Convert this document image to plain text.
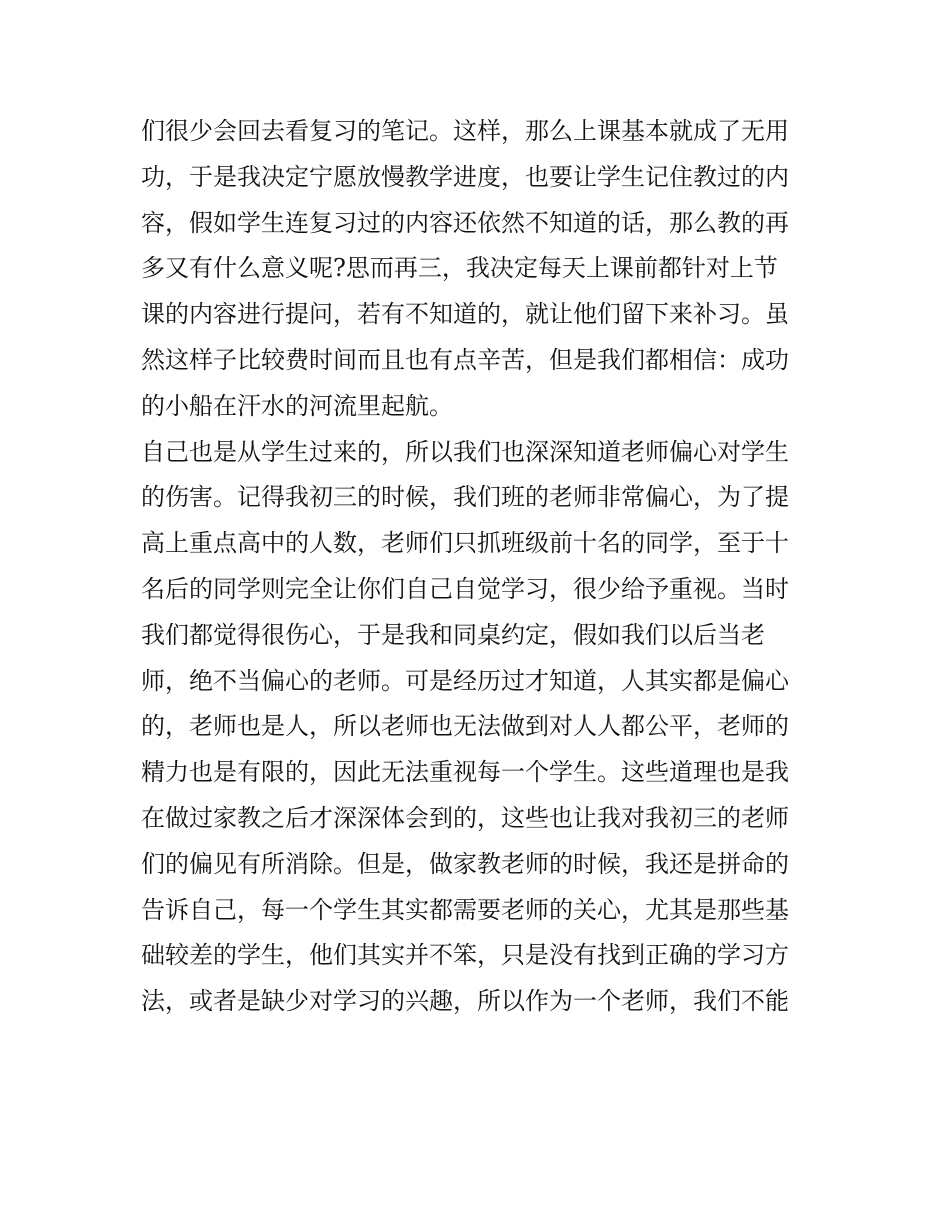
们很少会回去看复习的笔记。这样，那么上课基本就成了无用
功，于是我决定宁愿放慢教学进度，也要让学生记住教过的内
容，假如学生连复习过的内容还依然不知道的话，那么教的再
多又有什么意义呢?思而再三，我决定每天上课前都针对上节
课的内容进行提问，若有不知道的，就让他们留下来补习。虽
然这样子比较费时间而且也有点辛苦，但是我们都相信：成功
的小船在汗水的河流里起航。
自己也是从学生过来的，所以我们也深深知道老师偏心对学生
的伤害。记得我初三的时候，我们班的老师非常偏心，为了提
高上重点高中的人数，老师们只抓班级前十名的同学，至于十
名后的同学则完全让你们自己自觉学习，很少给予重视。当时
我们都觉得很伤心，于是我和同桌约定，假如我们以后当老
师，绝不当偏心的老师。可是经历过才知道，人其实都是偏心
的，老师也是人，所以老师也无法做到对人人都公平，老师的
精力也是有限的，因此无法重视每一个学生。这些道理也是我
在做过家教之后才深深体会到的，这些也让我对我初三的老师
们的偏见有所消除。但是，做家教老师的时候，我还是拼命的
告诉自己，每一个学生其实都需要老师的关心，尤其是那些基
础较差的学生，他们其实并不笨，只是没有找到正确的学习方
法，或者是缺少对学习的兴趣，所以作为一个老师，我们不能
